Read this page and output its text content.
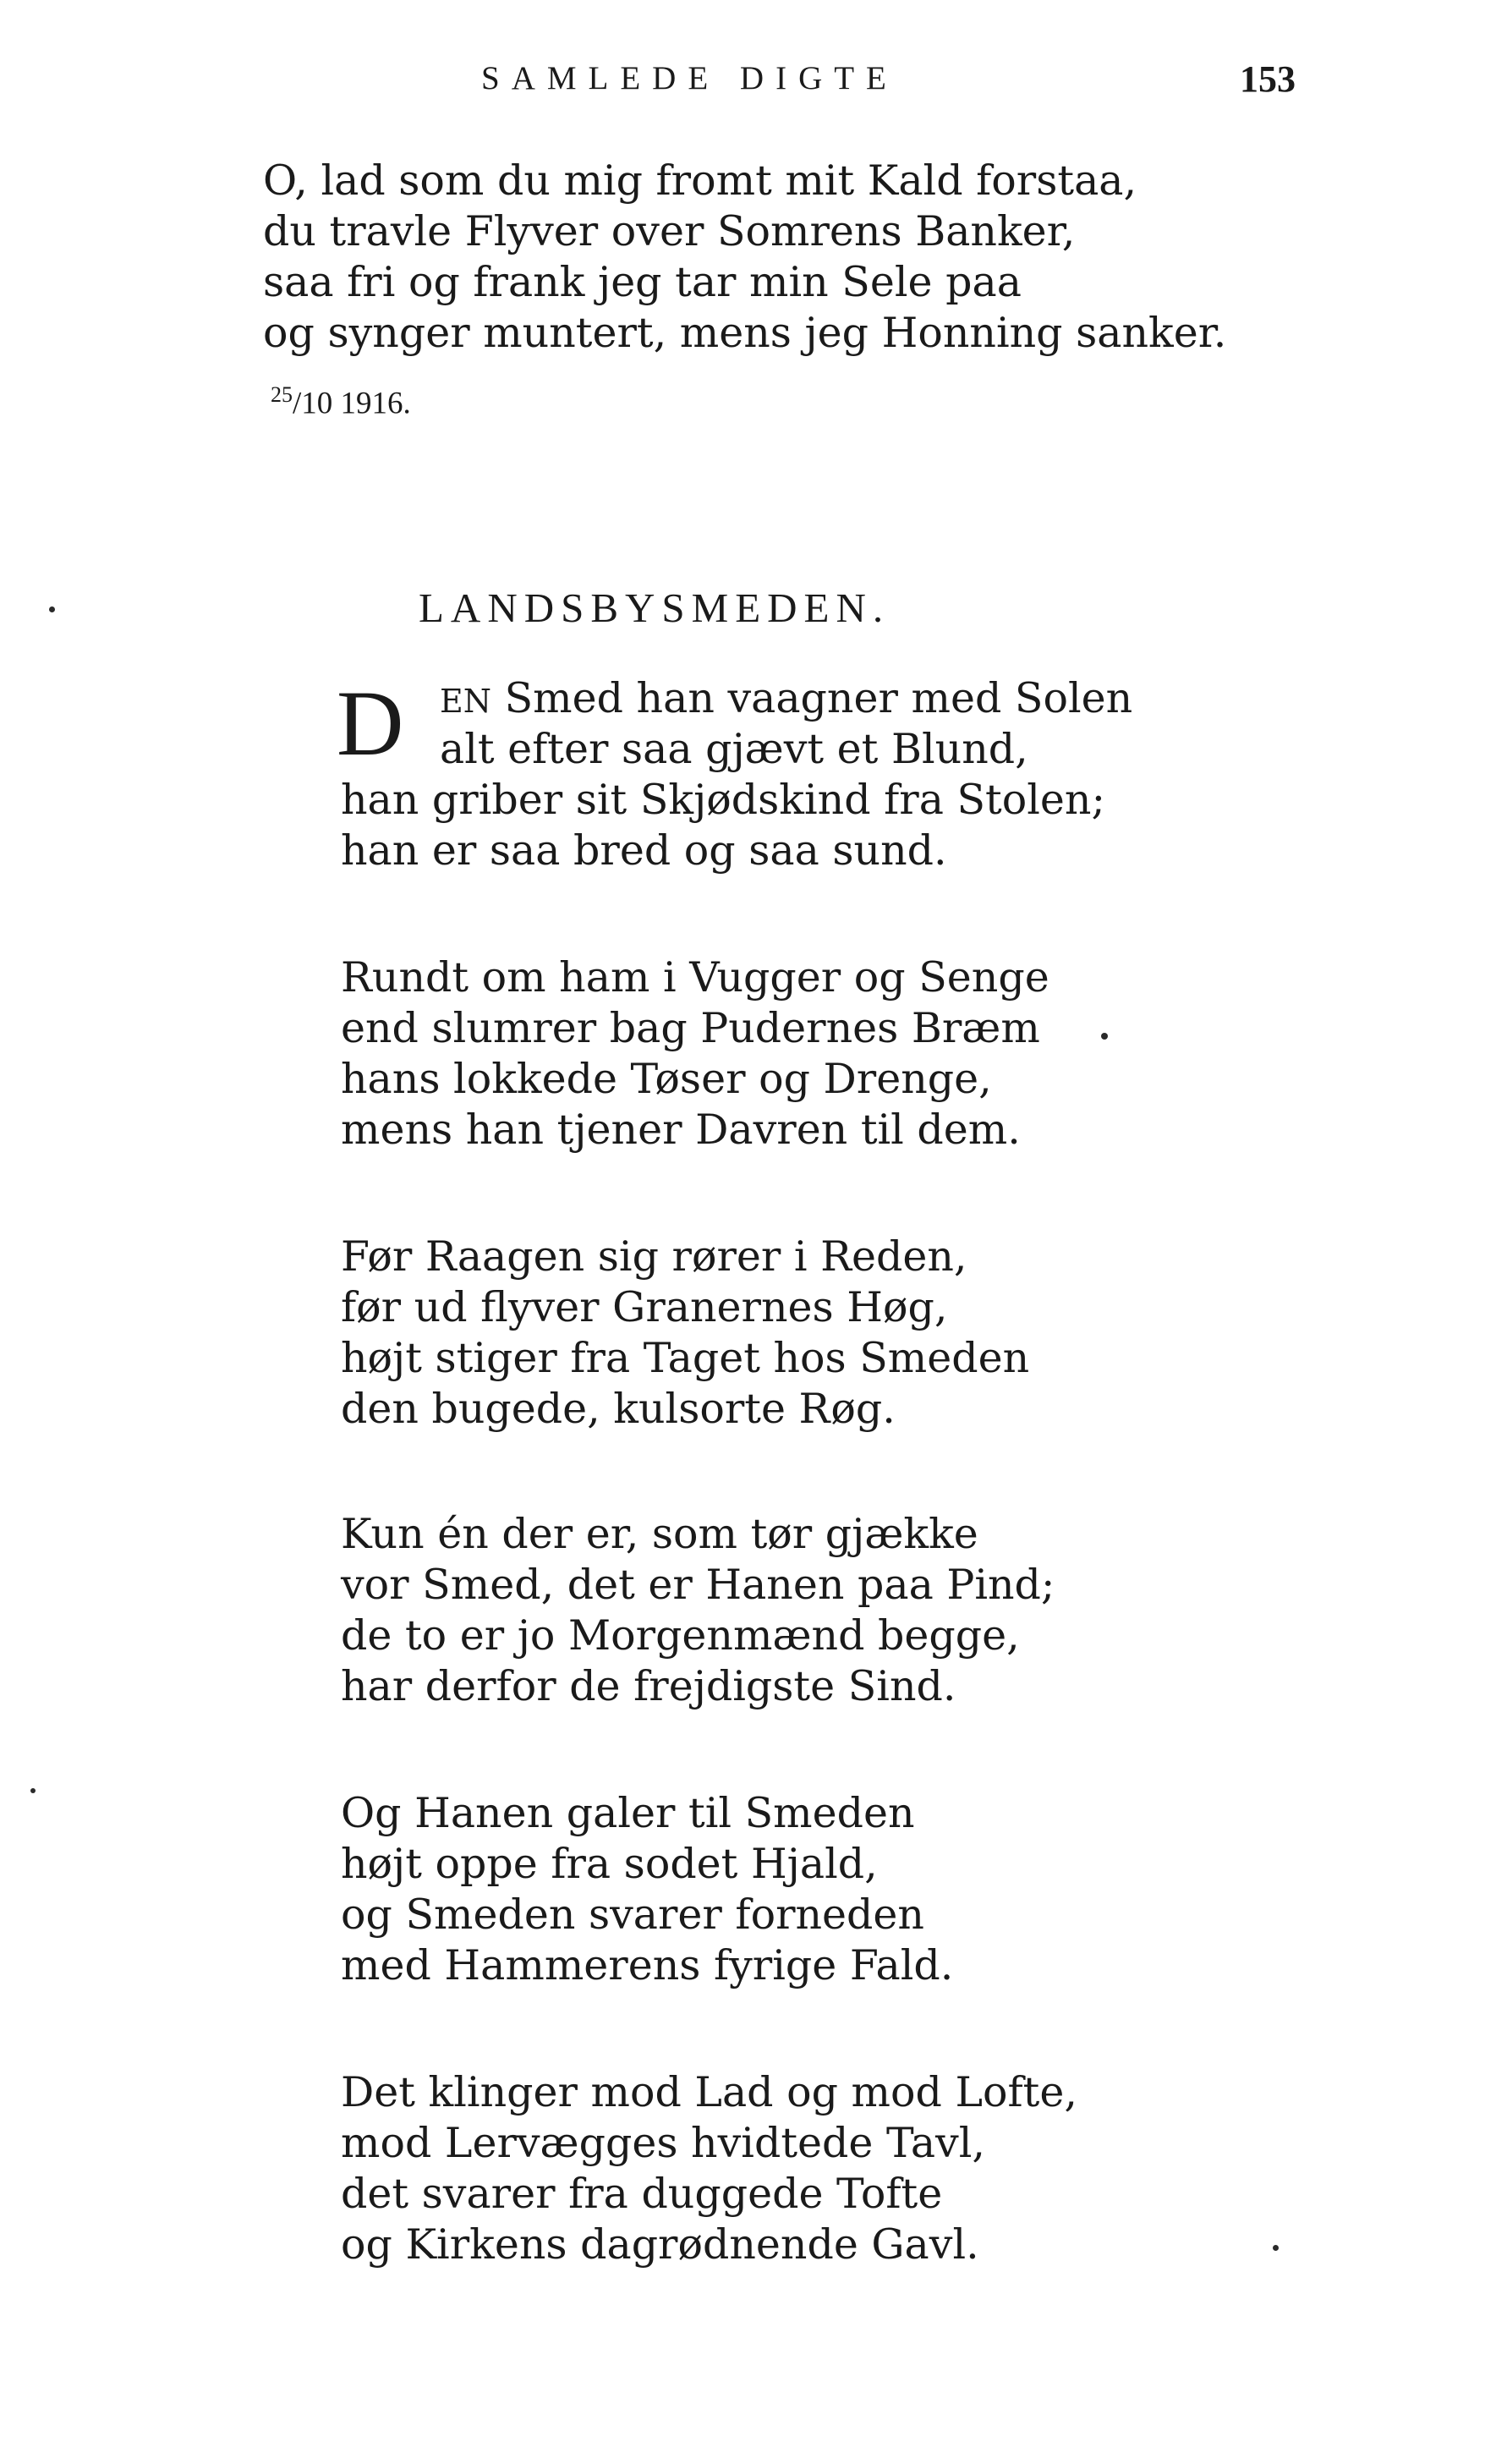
SAMLEDE DIGTE	153
O, lad som du mig fromt mit Kald forstaa,
du travle Flyver over Somrens Banker,
saa fri og frank jeg tar min Sele paa
og synger muntert, mens jeg Honning sanker.
$^{25}$/10 1916.
LANDSBYSMEDEN.
D EN Smed han vaagner med Solen
alt efter saa gjævt et Blund,
han griber sit Skjødskind fra Stolen;
han er saa bred og saa sund.
Rundt om ham i Vugger og Senge
end slumrer bag Pudernes Bræm
hans lokkede Tøser og Drenge,
mens han tjener Davren til dem.
Før Raagen sig rører i Reden,
før ud flyver Granernes Høg,
højt stiger fra Taget hos Smeden
den bugede, kulsorte Røg.
Kun én der er, som tør gjække
vor Smed, det er Hanen paa Pind;
de to er jo Morgenmænd begge,
har derfor de frejdigste Sind.
Og Hanen galer til Smeden
højt oppe fra sodet Hjald,
og Smeden svarer forneden
med Hammerens fyrige Fald.
Det klinger mod Lad og mod Lofte,
mod Lervægges hvidtede Tavl,
det svarer fra duggede Tofte
og Kirkens dagrødnende Gavl.
